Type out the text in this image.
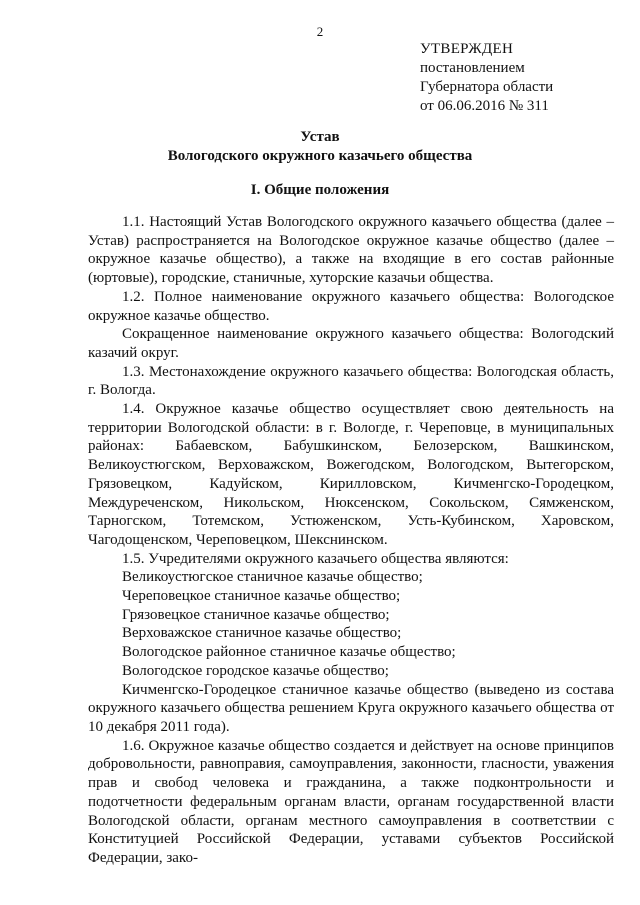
2
УТВЕРЖДЕН
постановлением
Губернатора области
от 06.06.2016 № 311
Устав
Вологодского окружного казачьего общества
I. Общие положения

1.1. Настоящий Устав Вологодского окружного казачьего общества (далее – Устав) распространяется на Вологодское окружное казачье общество (далее – окружное казачье общество), а также на входящие в его состав районные (юртовые), городские, станичные, хуторские казачьи общества.

1.2. Полное наименование окружного казачьего общества: Вологодское окружное казачье общество.

Сокращенное наименование окружного казачьего общества: Вологодский казачий округ.

1.3. Местонахождение окружного казачьего общества: Вологодская область, г. Вологда.

1.4. Окружное казачье общество осуществляет свою деятельность на территории Вологодской области: в г. Вологде, г. Череповце, в муниципальных районах: Бабаевском, Бабушкинском, Белозерском, Вашкинском, Великоустюгском, Верховажском, Вожегодском, Вологодском, Вытегорском, Грязовецком, Кадуйском, Кирилловском, Кичменгско-Городецком, Междуреченском, Никольском, Нюксенском, Сокольском, Сямженском, Тарногском, Тотемском, Устюженском, Усть-Кубинском, Харовском, Чагодощенском, Череповецком, Шекснинском.

1.5. Учредителями окружного казачьего общества являются:

Великоустюгское станичное казачье общество;

Череповецкое станичное казачье общество;

Грязовецкое станичное казачье общество;

Верховажское станичное казачье общество;

Вологодское районное станичное казачье общество;

Вологодское городское казачье общество;

Кичменгско-Городецкое станичное казачье общество (выведено из состава окружного казачьего общества решением Круга окружного казачьего общества от 10 декабря 2011 года).

1.6. Окружное казачье общество создается и действует на основе принципов добровольности, равноправия, самоуправления, законности, гласности, уважения прав и свобод человека и гражданина, а также подконтрольности и подотчетности федеральным органам власти, органам государственной власти Вологодской области, органам местного самоуправления в соответствии с Конституцией Российской Федерации, уставами субъектов Российской Федерации, зако-
